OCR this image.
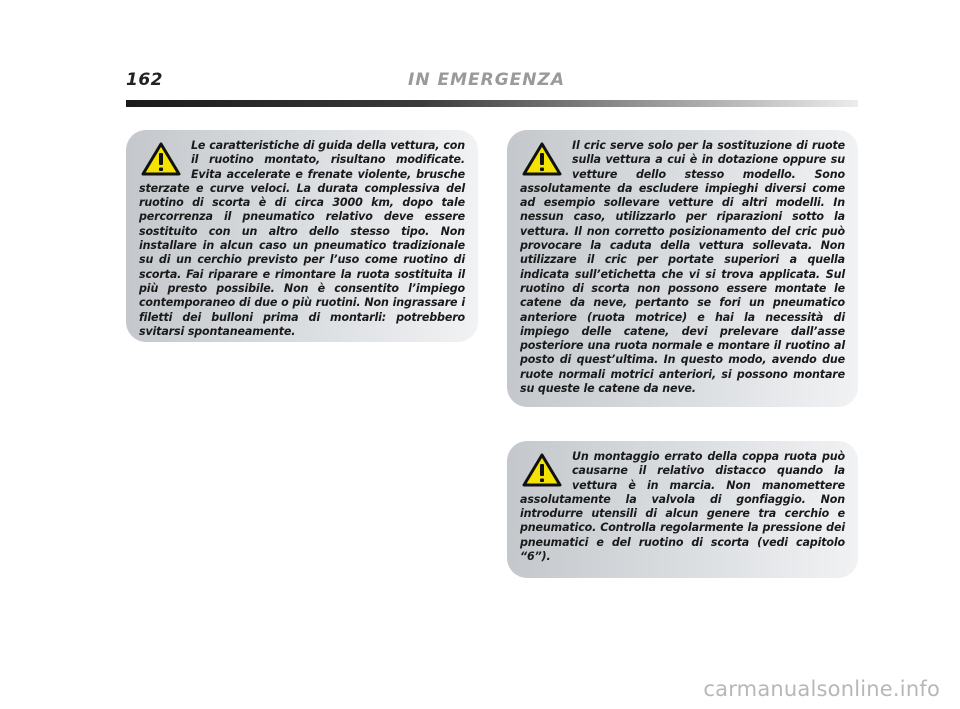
162	IN EMERGENZA

Le caratteristiche di guida della vettura, con il ruotino montato, risultano modificate. Evita accelerate e frenate violente, brusche sterzate e curve veloci. La durata complessiva del ruotino di scorta è di circa 3000 km, dopo tale percorrenza il pneumatico relativo deve essere sostituito con un altro dello stesso tipo. Non installare in alcun caso un pneumatico tradizionale su di un cerchio previsto per l’uso come ruotino di scorta. Fai riparare e rimontare la ruota sostituita il più presto possibile. Non è consentito l’impiego contemporaneo di due o più ruotini. Non ingrassare i filetti dei bulloni prima di montarli: potrebbero svitarsi spontaneamente.

Il cric serve solo per la sostituzione di ruote sulla vettura a cui è in dotazione oppure su vetture dello stesso modello. Sono assolutamente da escludere impieghi diversi come ad esempio sollevare vetture di altri modelli. In nessun caso, utilizzarlo per riparazioni sotto la vettura. Il non corretto posizionamento del cric può provocare la caduta della vettura sollevata. Non utilizzare il cric per portate superiori a quella indicata sull’etichetta che vi si trova applicata. Sul ruotino di scorta non possono essere montate le catene da neve, pertanto se fori un pneumatico anteriore (ruota motrice) e hai la necessità di impiego delle catene, devi prelevare dall’asse posteriore una ruota normale e montare il ruotino al posto di quest’ultima. In questo modo, avendo due ruote normali motrici anteriori, si possono montare su queste le catene da neve.

Un montaggio errato della coppa ruota può causarne il relativo distacco quando la vettura è in marcia. Non manomettere assolutamente la valvola di gonfiaggio. Non introdurre utensili di alcun genere tra cerchio e pneumatico. Controlla regolarmente la pressione dei pneumatici e del ruotino di scorta (vedi capitolo “6”).

carmanualsonline.info
